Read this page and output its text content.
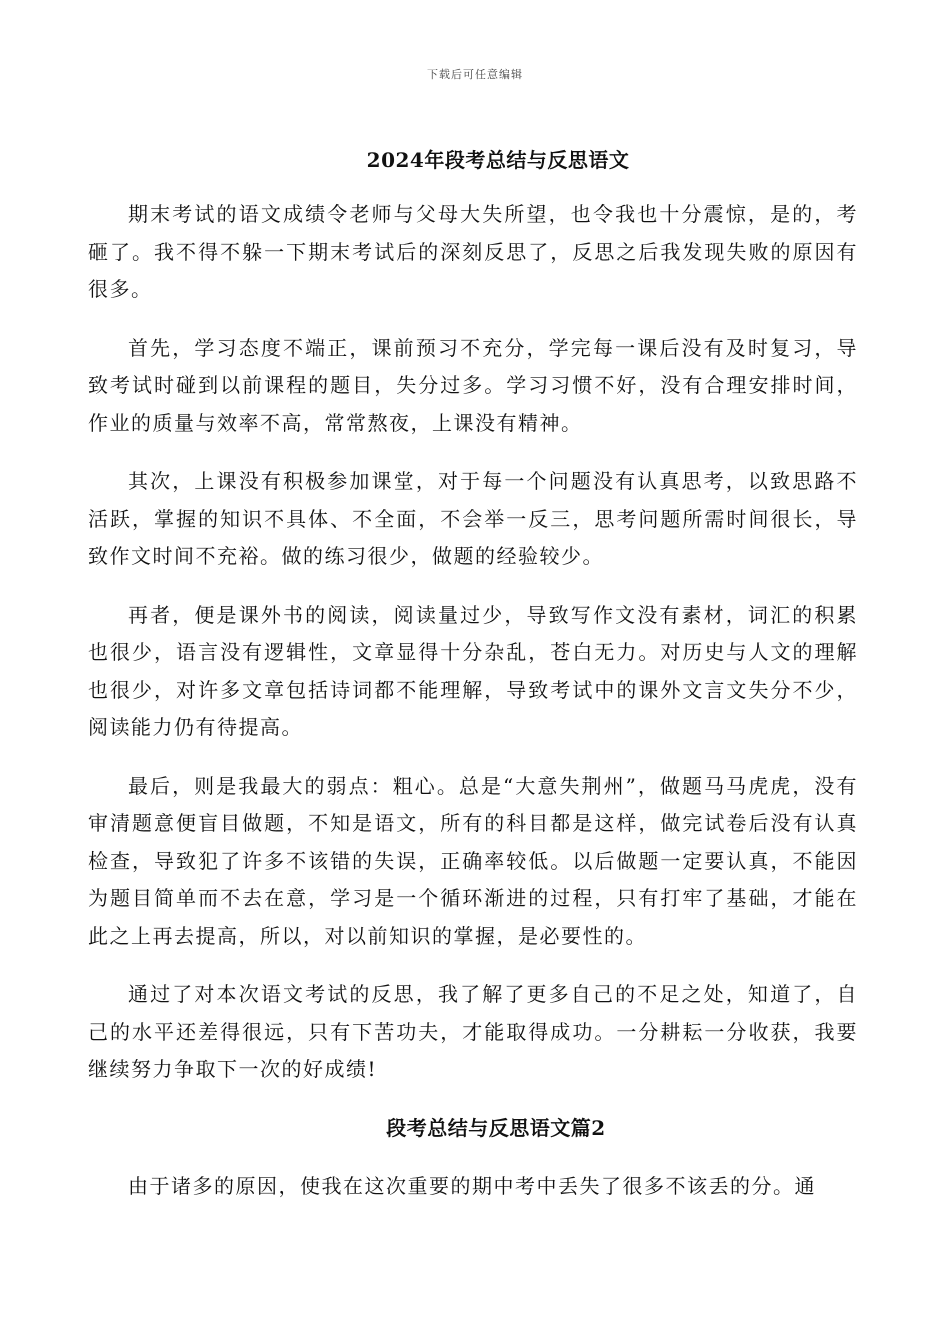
下载后可任意编辑
2024年段考总结与反思语文

期末考试的语文成绩令老师与父母大失所望，也令我也十分震惊，是的，考砸了。我不得不躲一下期末考试后的深刻反思了，反思之后我发现失败的原因有很多。

首先，学习态度不端正，课前预习不充分，学完每一课后没有及时复习，导致考试时碰到以前课程的题目，失分过多。学习习惯不好，没有合理安排时间，作业的质量与效率不高，常常熬夜，上课没有精神。

其次，上课没有积极参加课堂，对于每一个问题没有认真思考，以致思路不活跃，掌握的知识不具体、不全面，不会举一反三，思考问题所需时间很长，导致作文时间不充裕。做的练习很少，做题的经验较少。

再者，便是课外书的阅读，阅读量过少，导致写作文没有素材，词汇的积累也很少，语言没有逻辑性，文章显得十分杂乱，苍白无力。对历史与人文的理解也很少，对许多文章包括诗词都不能理解，导致考试中的课外文言文失分不少，阅读能力仍有待提高。

最后，则是我最大的弱点：粗心。总是“大意失荆州”，做题马马虎虎，没有审清题意便盲目做题，不知是语文，所有的科目都是这样，做完试卷后没有认真检查，导致犯了许多不该错的失误，正确率较低。以后做题一定要认真，不能因为题目简单而不去在意，学习是一个循环渐进的过程，只有打牢了基础，才能在此之上再去提高，所以，对以前知识的掌握，是必要性的。

通过了对本次语文考试的反思，我了解了更多自己的不足之处，知道了，自己的水平还差得很远，只有下苦功夫，才能取得成功。一分耕耘一分收获，我要继续努力争取下一次的好成绩!

段考总结与反思语文篇2

由于诸多的原因，使我在这次重要的期中考中丢失了很多不该丢的分。通
